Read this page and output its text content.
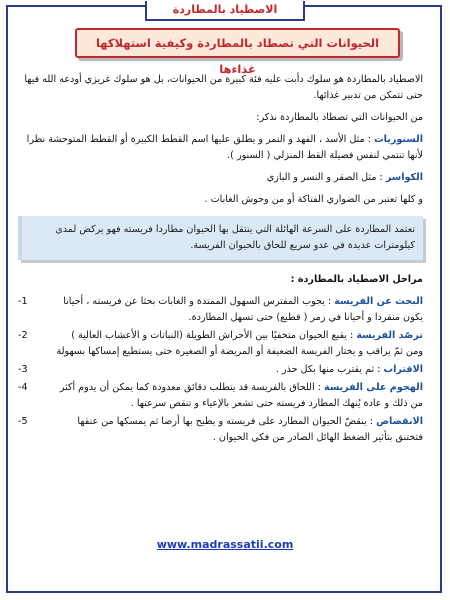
الاصطياد بالمطاردة
الحيوانات التي تصطاد بالمطاردة وكيفية استهلاكها غذاءها

الاصطياد بالمطاردة هو سلوك دأبت عليه فئة كبيرة من الحيوانات، بل هو سلوك غريزي أودعه الله فيها حتى تتمكن من تدبير غذائها.

من الحيوانات التي تصطاد بالمطاردة نذكر:

السنوريات : مثل الأسد ، الفهد و النمر و يطلق عليها اسم القطط الكبيرة أو القطط المتوحشة نظرا لأنها تنتمي لنفس فصيلة القط المنزلي ( السنور ).

الكواسر : مثل الصقر و النسر و البازي

و كلها تعتبر من الضواري الفتاكة أو من وحوش الغابات .

تعتمد المطاردة على السرعة الهائلة التي ينتقل بها الحيوان مطاردا فريسته فهو يركض لمدى كيلومترات عديدة في عدو سريع للحاق بالحيوان الفريسة.
مراحل الاصطياد بالمطاردة :
البحث عن الفريسة : يجوب المفترس السهول الممتدة و الغابات بحثا عن فريسته ، أحيانا يكون منفردا و أحيانا في زمر ( قطيع) حتى تسهل المطاردة.
-1
ترصّد الفريسة : يقبع الحيوان متخفيًا بين الأحراش الطويلة (النباتات و الأعشاب العالية ) ومن ثمّ يراقب و يختار الفريسة الضعيفة أو المريضة أو الصغيرة حتى يستطيع إمساكها بسهولة
-2
الاقتراب : ثم يقترب منها بكل حذر .
-3
الهجوم على الفريسة : اللحاق بالفريسة قد يتطلب دقائق معدودة كما يمكن أن يدوم أكثر من ذلك و عادة يُنهك المطارد فريسته حتى تشعر بالإعياء و تنقص سرعتها .
-4
الانقضاض : ينقضّ الحيوان المطارد على فريسته و يطيح بها أرضا ثم يمسكها من عنقها فتختنق بتأثير الضغط الهائل الصادر من فكي الحيوان .
-5
www.madrassatii.com
